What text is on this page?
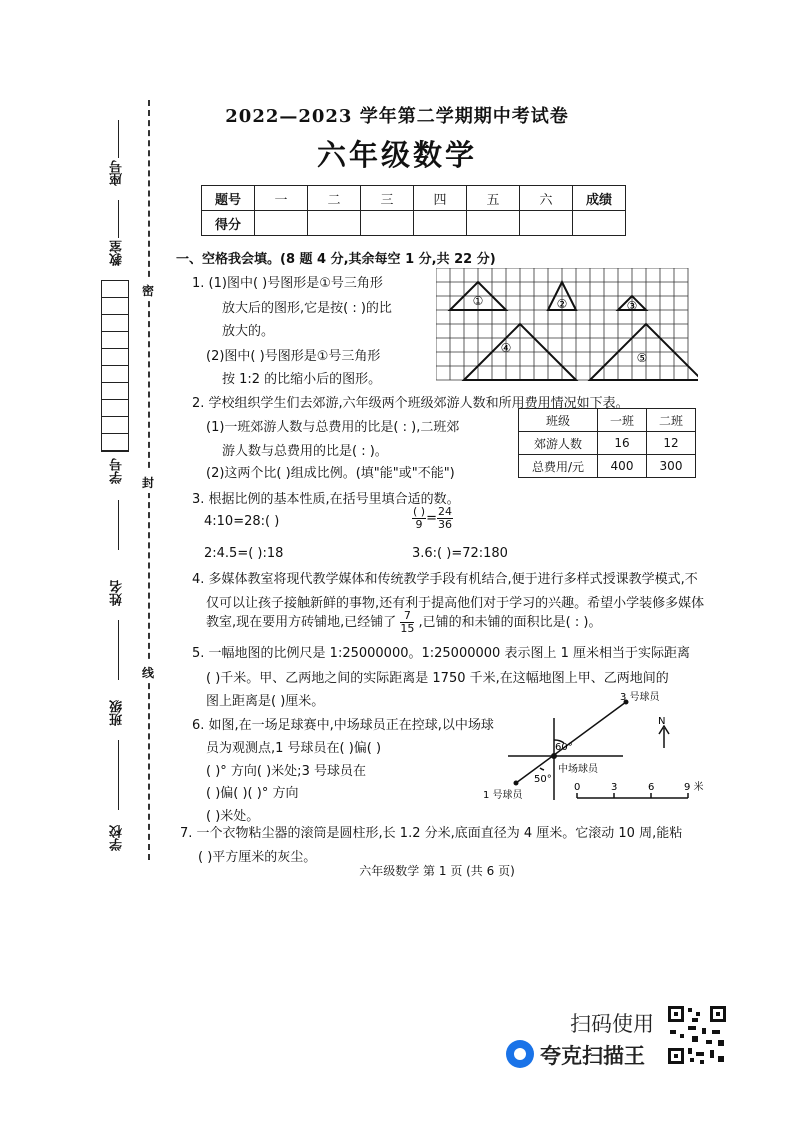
座号
教室
学号
姓名
班级
学校
密
封
线
2022—2023 学年第二学期期中考试卷
六年级数学
题号	一	二	三	四	五	六	成绩
得分							
一、空格我会填。(8 题 4 分,其余每空 1 分,共 22 分)
1. (1)图中( )号图形是①号三角形
放大后的图形,它是按( : )的比
放大的。
(2)图中( )号图形是①号三角形
按 1:2 的比缩小后的图形。
①	②	③
④
⑤
2. 学校组织学生们去郊游,六年级两个班级郊游人数和所用费用情况如下表。
(1)一班郊游人数与总费用的比是( : ),二班郊
游人数与总费用的比是( : )。
(2)这两个比( )组成比例。(填"能"或"不能")
班级	一班	二班
郊游人数	16	12
总费用/元	400	300
3. 根据比例的基本性质,在括号里填合适的数。
4:10=28:( )	$\frac{( )}{9} = \frac{24}{36}$
2:4.5=( ):18	3.6:( )=72:180
4. 多媒体教室将现代教学媒体和传统教学手段有机结合,便于进行多样式授课教学模式,不
仅可以让孩子接触新鲜的事物,还有利于提高他们对于学习的兴趣。希望小学装修多媒体
教室,现在要用方砖铺地,已经铺了 $\frac{7}{15}$ ,已铺的和未铺的面积比是( : )。
5. 一幅地图的比例尺是 1:25000000。1:25000000 表示图上 1 厘米相当于实际距离
( )千米。甲、乙两地之间的实际距离是 1750 千米,在这幅地图上甲、乙两地间的
图上距离是( )厘米。
6. 如图,在一场足球赛中,中场球员正在控球,以中场球
员为观测点,1 号球员在( )偏( )
( )° 方向( )米处;3 号球员在
( )偏( )( )° 方向
( )米处。
3 号球员
N
60°
中场球员
50°
1 号球员
0	3	6	9 米
7. 一个衣物粘尘器的滚筒是圆柱形,长 1.2 分米,底面直径为 4 厘米。它滚动 10 周,能粘
( )平方厘米的灰尘。
六年级数学 第 1 页 (共 6 页)
扫码使用
夸克扫描王
